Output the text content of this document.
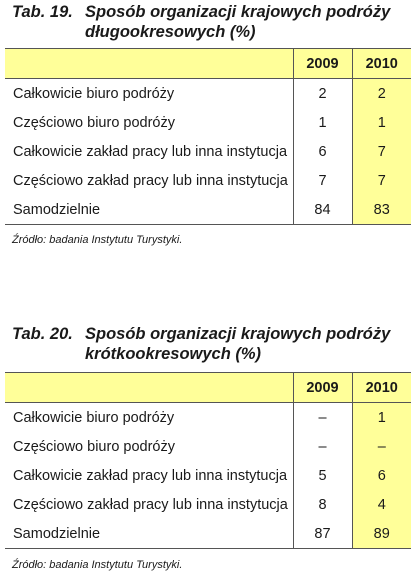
Tab. 19. Sposób organizacji krajowych podróży
długookresowych (%)
	2009	2010
Całkowicie biuro podróży	2	2
Częściowo biuro podróży	1	1
Całkowicie zakład pracy lub inna instytucja	6	7
Częściowo zakład pracy lub inna instytucja	7	7
Samodzielnie	84	83
Źródło: badania Instytutu Turystyki.
Tab. 20. Sposób organizacji krajowych podróży
krótkookresowych (%)
	2009	2010
Całkowicie biuro podróży	–	1
Częściowo biuro podróży	–	–
Całkowicie zakład pracy lub inna instytucja	5	6
Częściowo zakład pracy lub inna instytucja	8	4
Samodzielnie	87	89
Źródło: badania Instytutu Turystyki.
